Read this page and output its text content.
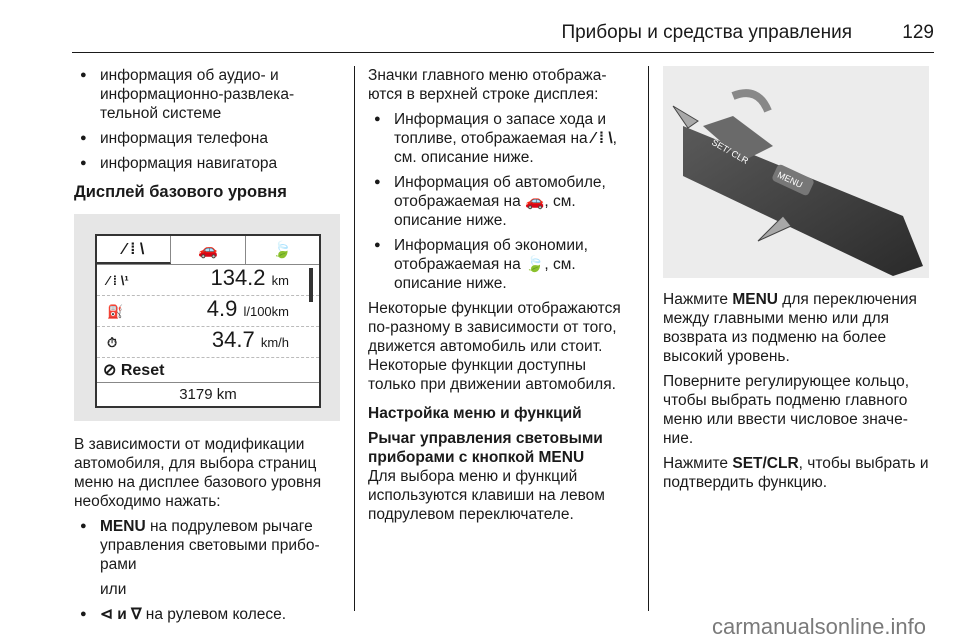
Приборы и средства управления	129
● информация об аудио- и информационно-развлека-тельной системе
● информация телефона
● информация навигатора
Дисплей базового уровня
⁄ ⁞ \	🚗	🍃
⁄ ⁞ \¹	134.2 km
⛽	4.9 l/100km
⏱	34.7 km/h
⊘ Reset
3179 km

В зависимости от модификации автомобиля, для выбора страниц меню на дисплее базового уровня необходимо нажать:

● MENU на подрулевом рычаге управления световыми прибо-рами
или
● ⊲ и ∇ на рулевом колесе.

Значки главного меню отобража-ются в верхней строке дисплея:

● Информация о запасе хода и топливе, отображаемая на ⁄ ⁞ \, см. описание ниже.
● Информация об автомобиле, отображаемая на 🚗, см. описание ниже.
● Информация об экономии, отображаемая на 🍃, см. описание ниже.

Некоторые функции отображаются по-разному в зависимости от того, движется автомобиль или стоит. Некоторые функции доступны только при движении автомобиля.

Настройка меню и функций
Рычаг управления световыми приборами с кнопкой MENU

Для выбора меню и функций используются клавиши на левом подрулевом переключателе.

SET/ CLR
MENU

Нажмите MENU для переключения между главными меню или для возврата из подменю на более высокий уровень.

Поверните регулирующее кольцо, чтобы выбрать подменю главного меню или ввести числовое значе-ние.

Нажмите SET/CLR, чтобы выбрать и подтвердить функцию.

carmanualsonline.info
